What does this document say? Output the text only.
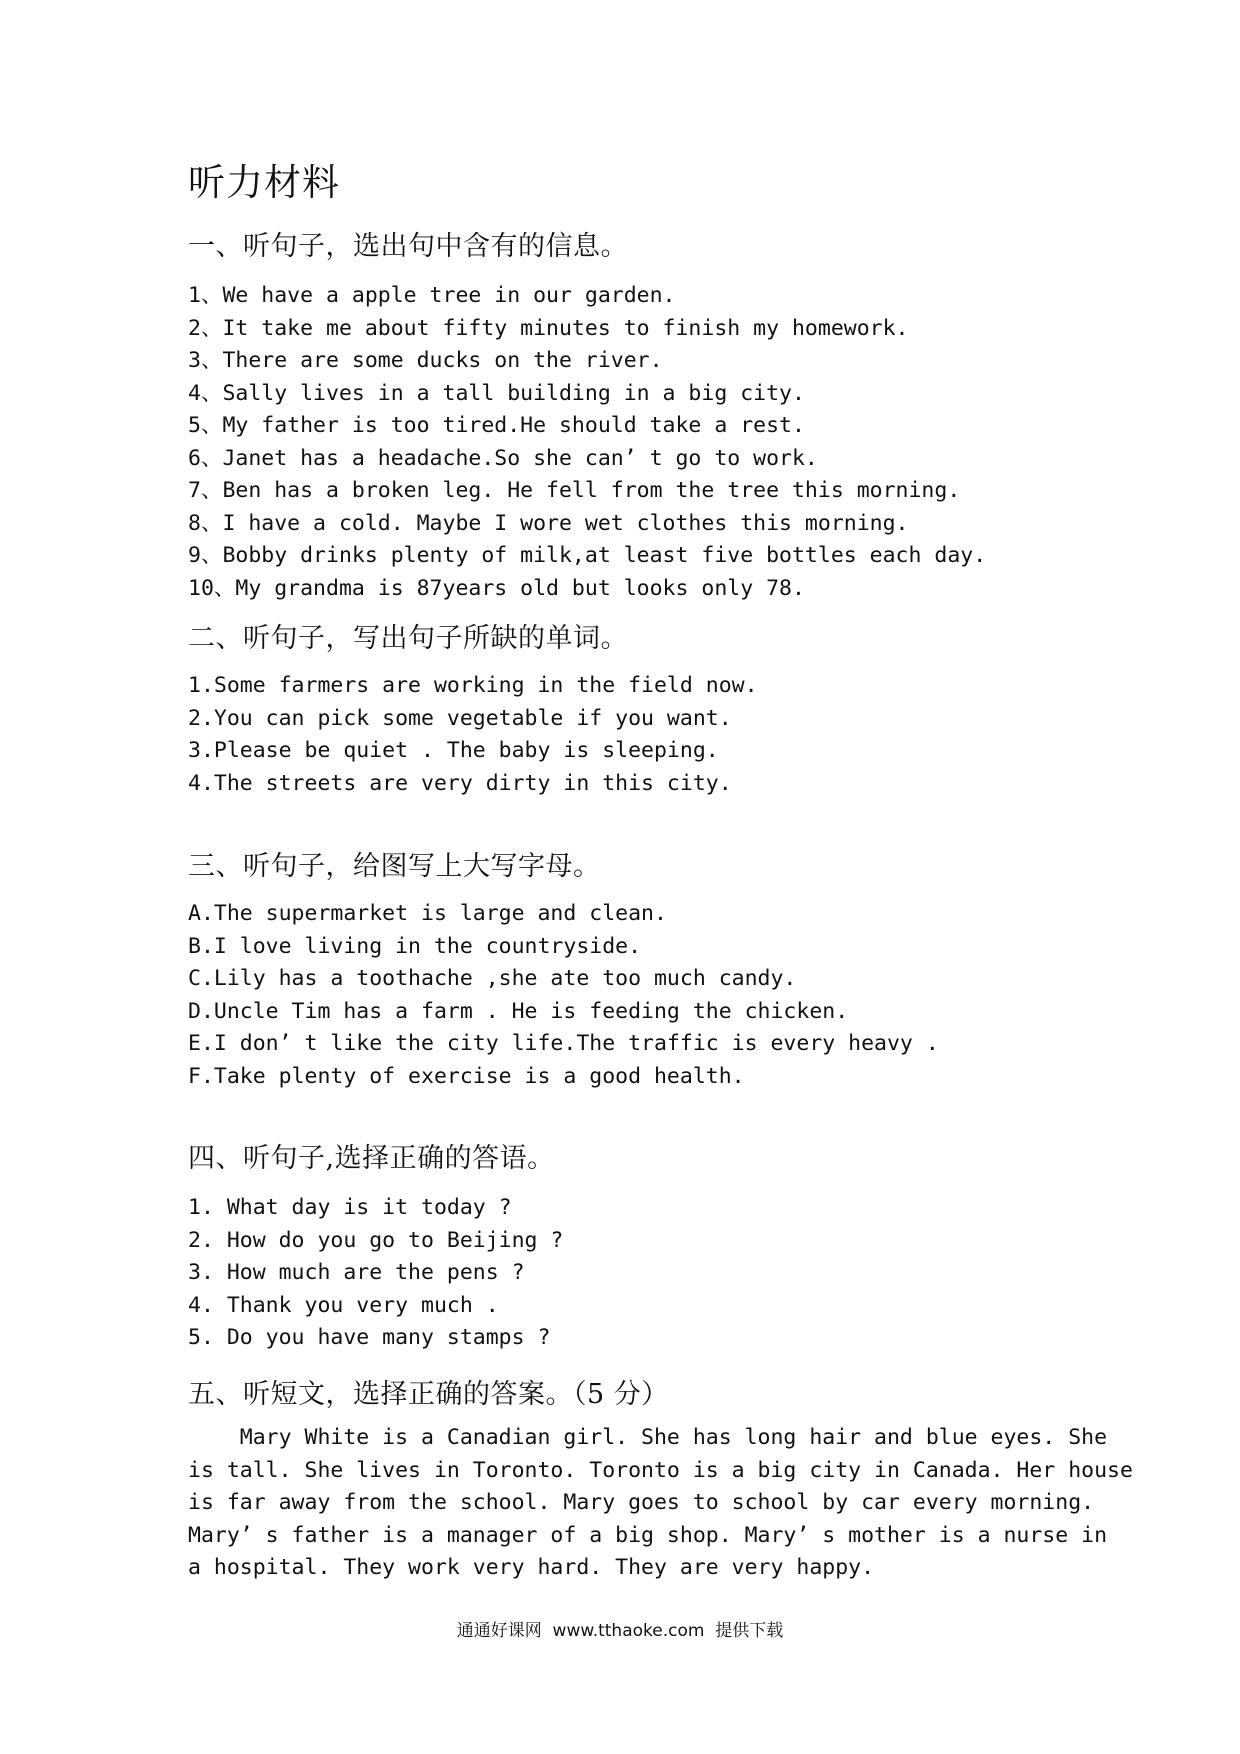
听力材料
一、听句子，选出句中含有的信息。
1、We have a apple tree in our garden.
2、It take me about fifty minutes to finish my homework.
3、There are some ducks on the river.
4、Sally lives in a tall building in a big city.
5、My father is too tired.He should take a rest.
6、Janet has a headache.So she can’ t go to work.
7、Ben has a broken leg. He fell from the tree this morning.
8、I have a cold. Maybe I wore wet clothes this morning.
9、Bobby drinks plenty of milk,at least five bottles each day.
10、My grandma is 87years old but looks only 78.
二、听句子，写出句子所缺的单词。
1.Some farmers are working in the field now.
2.You can pick some vegetable if you want.
3.Please be quiet . The baby is sleeping.
4.The streets are very dirty in this city.
三、听句子，给图写上大写字母。
A.The supermarket is large and clean.
B.I love living in the countryside.
C.Lily has a toothache ,she ate too much candy.
D.Uncle Tim has a farm . He is feeding the chicken.
E.I don’ t like the city life.The traffic is every heavy .
F.Take plenty of exercise is a good health.
四、听句子,选择正确的答语。
1. What day is it today ?
2. How do you go to Beijing ?
3. How much are the pens ?
4. Thank you very much .
5. Do you have many stamps ?
五、听短文，选择正确的答案。（5 分）
Mary White is a Canadian girl. She has long hair and blue eyes. She
is tall. She lives in Toronto. Toronto is a big city in Canada. Her house
is far away from the school. Mary goes to school by car every morning.
Mary’ s father is a manager of a big shop. Mary’ s mother is a nurse in
a hospital. They work very hard. They are very happy.
通通好课网  www.tthaoke.com  提供下载
